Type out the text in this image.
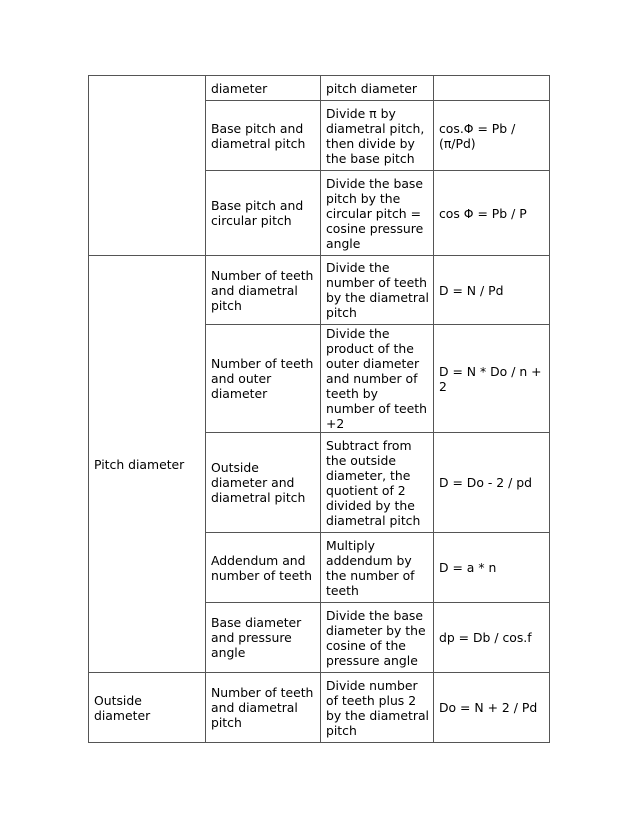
	diameter	pitch diameter	
	Base pitch and diametral pitch	Divide π by diametral pitch, then divide by the base pitch	cos.Φ = Pb / (π/Pd)
	Base pitch and circular pitch	Divide the base pitch by the circular pitch = cosine pressure angle	cos Φ = Pb / P
Pitch diameter	Number of teeth and diametral pitch	Divide the number of teeth by the diametral pitch	D = N / Pd
	Number of teeth and outer diameter	Divide the product of the outer diameter and number of teeth by number of teeth +2	D = N * Do / n + 2
	Outside diameter and diametral pitch	Subtract from the outside diameter, the quotient of 2 divided by the diametral pitch	D = Do - 2 / pd
	Addendum and number of teeth	Multiply addendum by the number of teeth	D = a * n
	Base diameter and pressure angle	Divide the base diameter by the cosine of the pressure angle	dp = Db / cos.f
Outside diameter	Number of teeth and diametral pitch	Divide number of teeth plus 2 by the diametral pitch	Do = N + 2 / Pd
